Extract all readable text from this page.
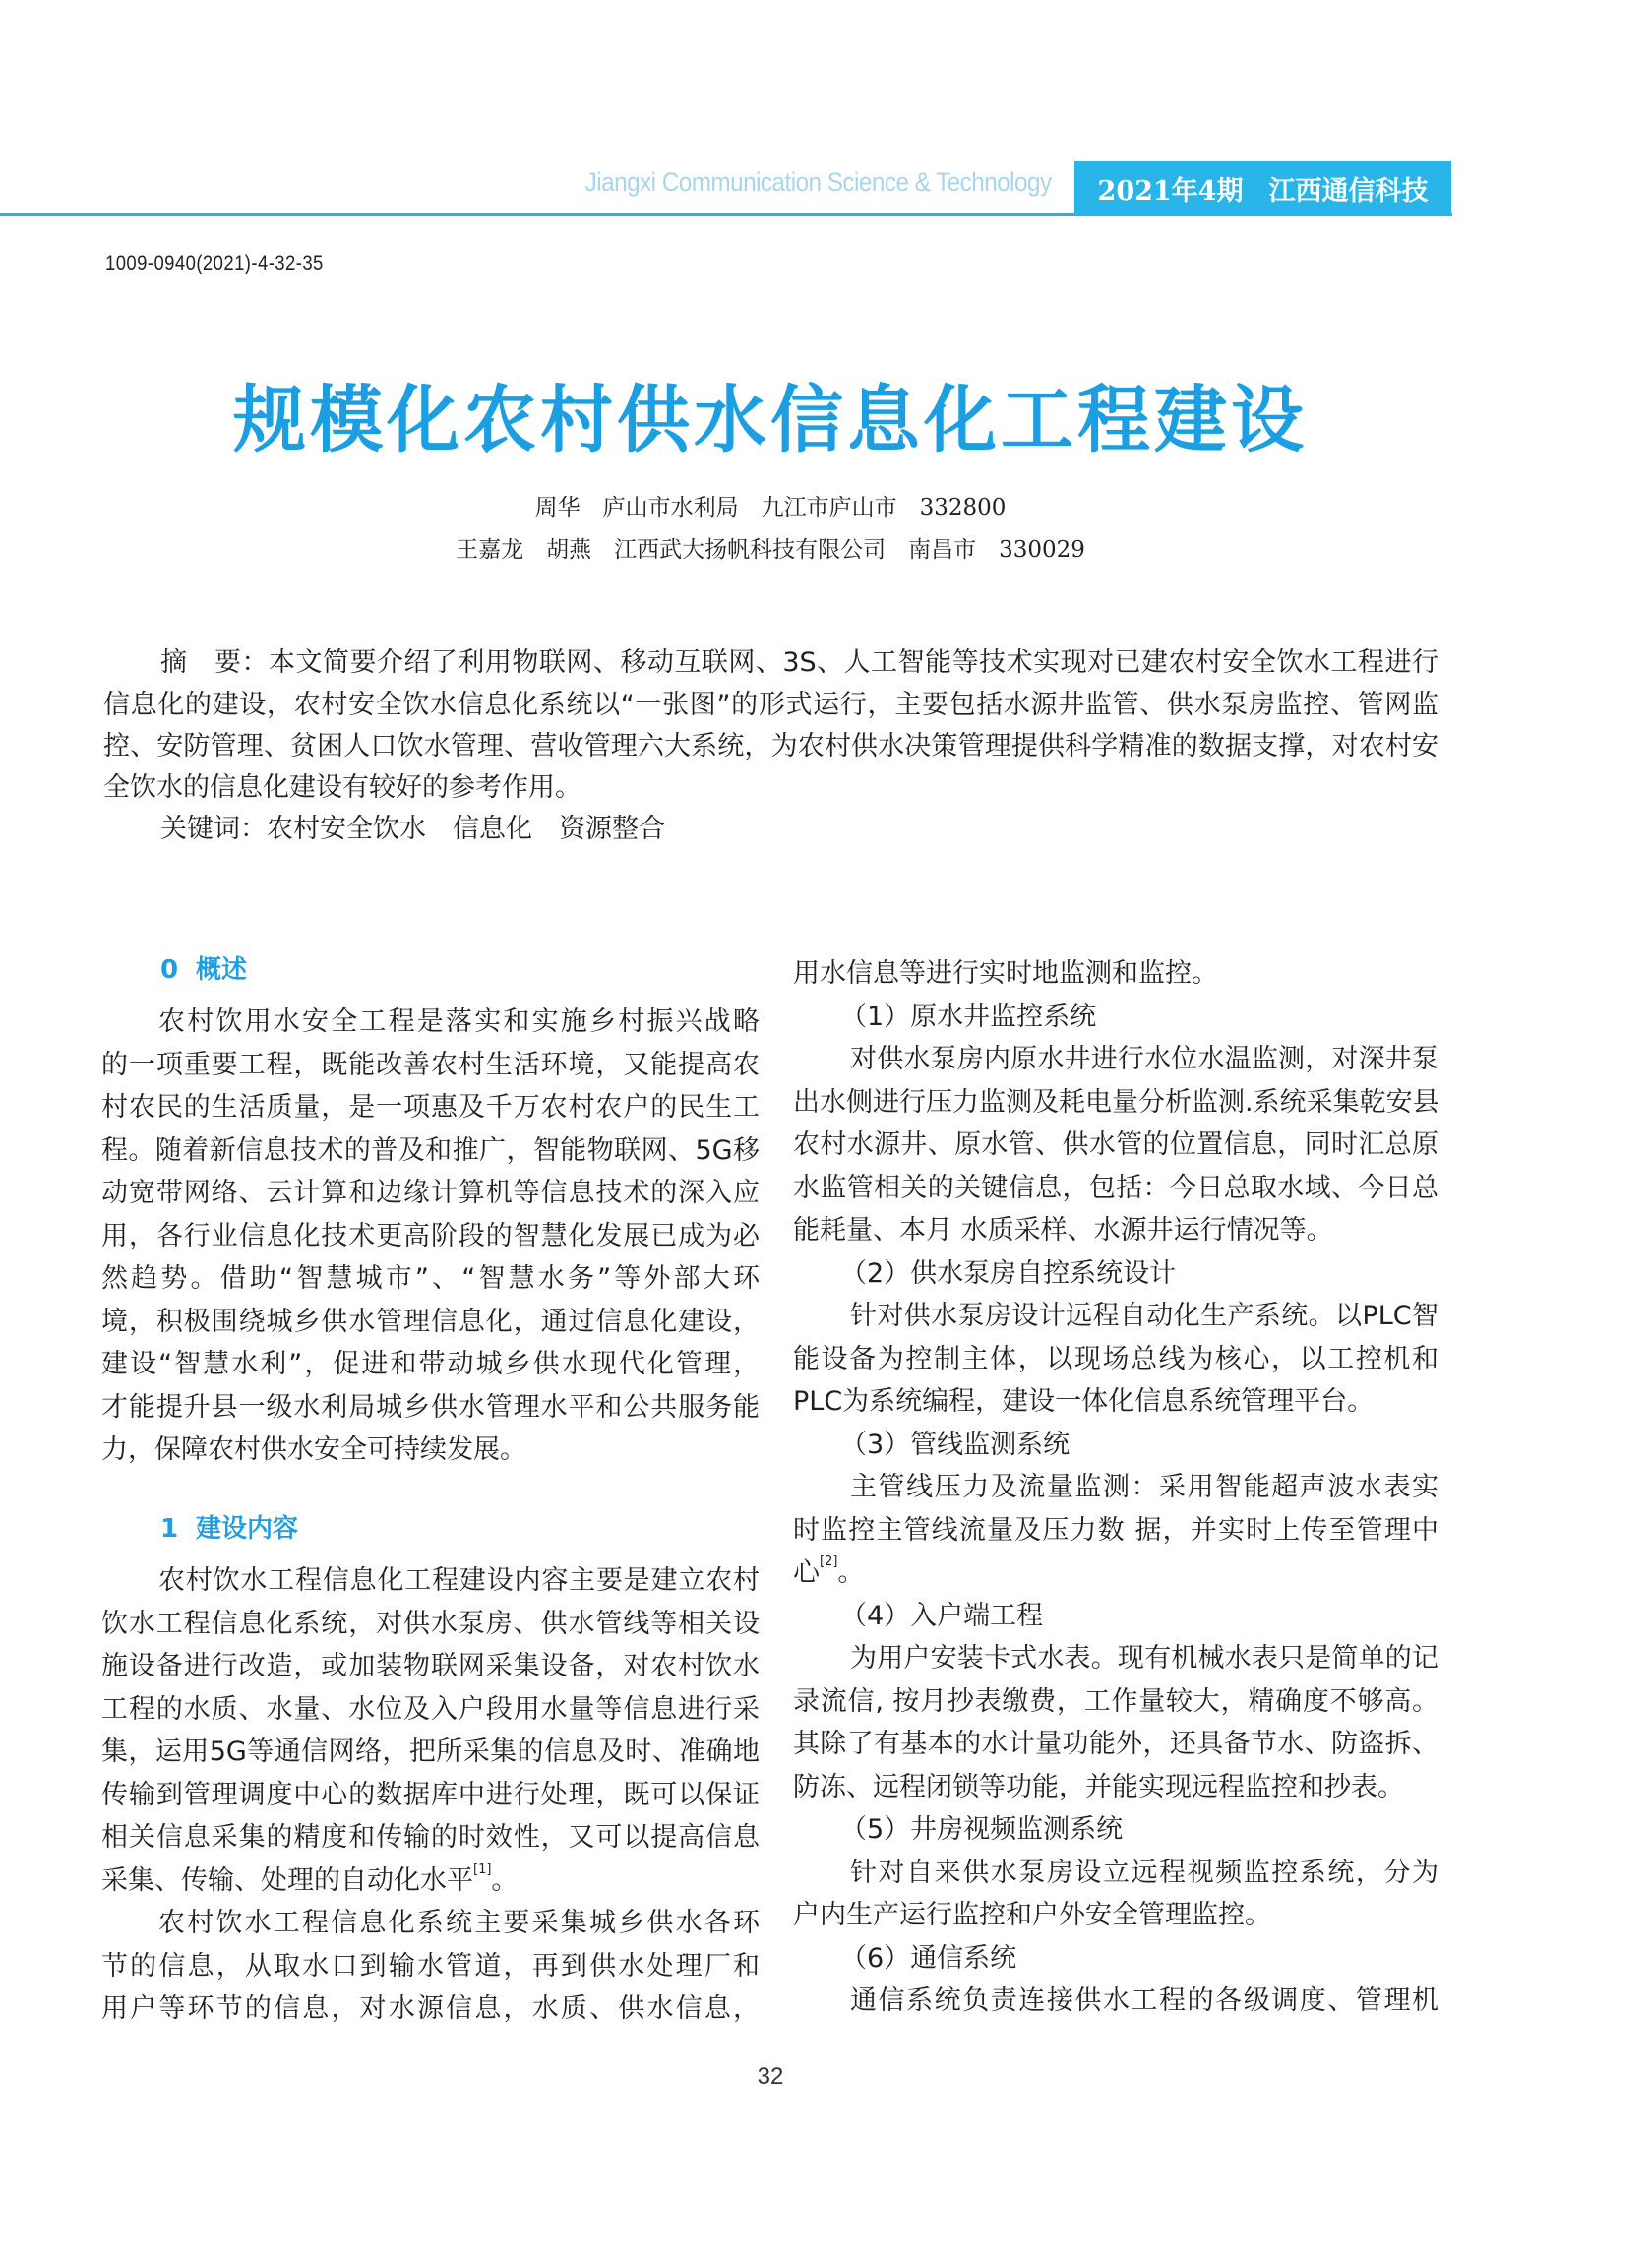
Jiangxi Communication Science & Technology 2021年4期 江西通信科技
1009-0940(2021)-4-32-35
规模化农村供水信息化工程建设
周华　庐山市水利局　九江市庐山市　332800
王嘉龙　胡燕　江西武大扬帆科技有限公司　南昌市　330029
摘　要：本文简要介绍了利用物联网、移动互联网、3S、人工智能等技术实现对已建农村安全饮水工程进行
信息化的建设，农村安全饮水信息化系统以“一张图”的形式运行，主要包括水源井监管、供水泵房监控、管网监
控、安防管理、贫困人口饮水管理、营收管理六大系统，为农村供水决策管理提供科学精准的数据支撑，对农村安
全饮水的信息化建设有较好的参考作用。
关键词：农村安全饮水　信息化　资源整合
0 概述
农村饮用水安全工程是落实和实施乡村振兴战略
的一项重要工程，既能改善农村生活环境，又能提高农
村农民的生活质量，是一项惠及千万农村农户的民生工
程。随着新信息技术的普及和推广，智能物联网、5G移
动宽带网络、云计算和边缘计算机等信息技术的深入应
用，各行业信息化技术更高阶段的智慧化发展已成为必
然趋势。借助“智慧城市”、“智慧水务”等外部大环
境，积极围绕城乡供水管理信息化，通过信息化建设，
建设“智慧水利”，促进和带动城乡供水现代化管理，
才能提升县一级水利局城乡供水管理水平和公共服务能
力，保障农村供水安全可持续发展。
1 建设内容
农村饮水工程信息化工程建设内容主要是建立农村
饮水工程信息化系统，对供水泵房、供水管线等相关设
施设备进行改造，或加装物联网采集设备，对农村饮水
工程的水质、水量、水位及入户段用水量等信息进行采
集，运用5G等通信网络，把所采集的信息及时、准确地
传输到管理调度中心的数据库中进行处理，既可以保证
相关信息采集的精度和传输的时效性，又可以提高信息
采集、传输、处理的自动化水平[1]。
农村饮水工程信息化系统主要采集城乡供水各环
节的信息，从取水口到输水管道，再到供水处理厂和
用户等环节的信息，对水源信息，水质、供水信息，
用水信息等进行实时地监测和监控。
（1）原水井监控系统
对供水泵房内原水井进行水位水温监测，对深井泵
出水侧进行压力监测及耗电量分析监测.系统采集乾安县
农村水源井、原水管、供水管的位置信息，同时汇总原
水监管相关的关键信息，包括：今日总取水域、今日总
能耗量、本月 水质采样、水源井运行情况等。
（2）供水泵房自控系统设计
针对供水泵房设计远程自动化生产系统。以PLC智
能设备为控制主体，以现场总线为核心，以工控机和
PLC为系统编程，建设一体化信息系统管理平台。
（3）管线监测系统
主管线压力及流量监测：采用智能超声波水表实
时监控主管线流量及压力数 据，并实时上传至管理中
心[2]。
（4）入户端工程
为用户安装卡式水表。现有机械水表只是简单的记
录流信, 按月抄表缴费，工作量较大，精确度不够高。
其除了有基本的水计量功能外，还具备节水、防盗拆、
防冻、远程闭锁等功能，并能实现远程监控和抄表。
（5）井房视频监测系统
针对自来供水泵房设立远程视频监控系统，分为
户内生产运行监控和户外安全管理监控。
（6）通信系统
通信系统负责连接供水工程的各级调度、管理机
32
